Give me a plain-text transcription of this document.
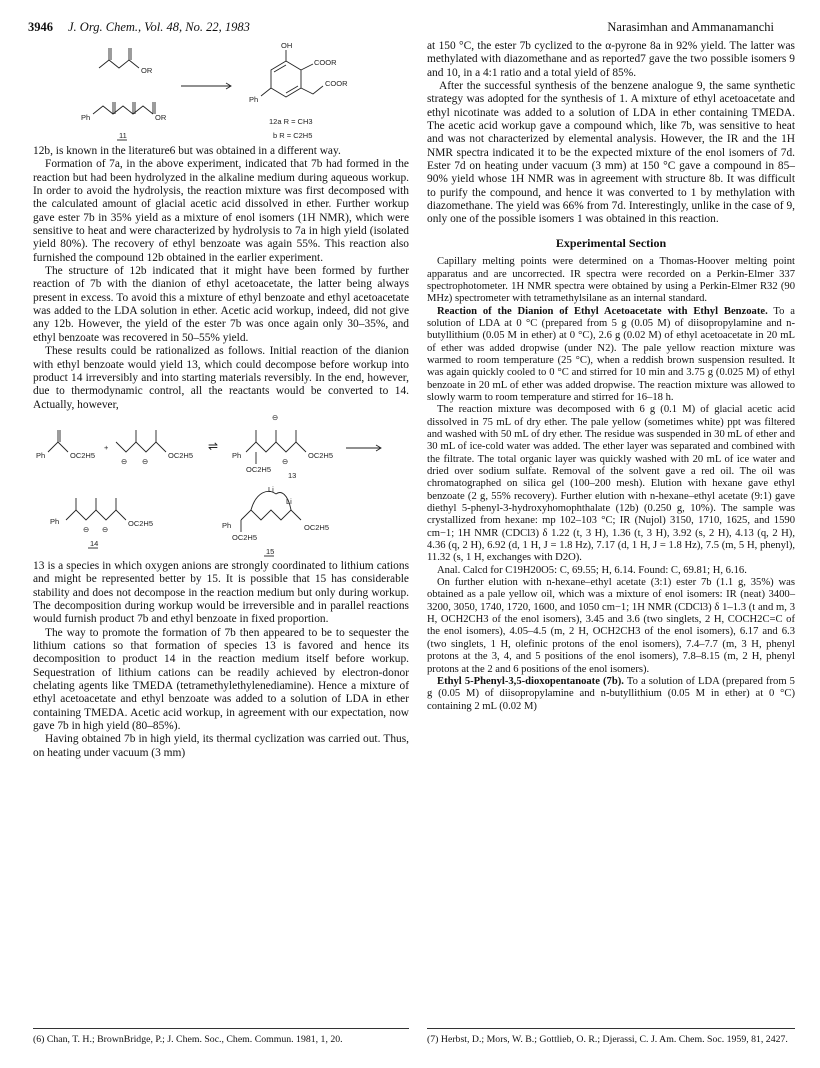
3946 J. Org. Chem., Vol. 48, No. 22, 1983	Narasimhan and Ammanamanchi
OR
OR
Ph
11
OH
COOR
COOR
Ph
12a R = CH3
b R = C2H5

12b, is known in the literature6 but was obtained in a different way.

Formation of 7a, in the above experiment, indicated that 7b had formed in the reaction but had been hydrolyzed in the alkaline medium during aqueous workup. In order to avoid the hydrolysis, the reaction mixture was first decomposed with the calculated amount of glacial acetic acid dissolved in ether. Further workup gave ester 7b in 35% yield as a mixture of enol isomers (1H NMR), which were sensitive to heat and were characterized by hydrolysis to 7a in high yield (isolated yield 80%). The recovery of ethyl benzoate was again 55%. This reaction also furnished the compound 12b obtained in the earlier experiment.

The structure of 12b indicated that it might have been formed by further reaction of 7b with the dianion of ethyl acetoacetate, the latter being always present in excess. To avoid this a mixture of ethyl benzoate and ethyl acetoacetate was added to the LDA solution in ether. Acetic acid workup, indeed, did not give any 12b. However, the yield of the ester 7b was once again only 30–35%, and ethyl benzoate was recovered in 50–55% yield.

These results could be rationalized as follows. Initial reaction of the dianion with ethyl benzoate would yield 13, which could decompose before workup into product 14 irreversibly and into starting materials reversibly. In the end, however, due to thermodynamic control, all the reactants would be converted to 14. Actually, however,

Ph	OC2H5
+
⊖ ⊖
OC2H5
⇌
Ph
⊖
OC2H5
⊖
OC2H5
13
Ph
⊖ ⊖
OC2H5
14
Li
Li
Ph
OC2H5
OC2H5
15

13 is a species in which oxygen anions are strongly coordinated to lithium cations and might be represented better by 15. It is possible that 15 has considerable stability and does not decompose in the reaction medium but only during workup. The decomposition during workup would be irreversible and in parallel reactions would furnish product 7b and ethyl benzoate in fixed proportion.

The way to promote the formation of 7b then appeared to be to sequester the lithium cations so that formation of species 13 is favored and hence its decomposition to product 14 in the reaction medium itself before workup. Sequestration of lithium cations can be readily achieved by electron-donor chelating agents like TMEDA (tetramethylethylenediamine). Hence a mixture of ethyl acetoacetate and ethyl benzoate was added to a solution of LDA in ether containing TMEDA. Acetic acid workup, in agreement with our expectation, now gave 7b in high yield (80–85%).

Having obtained 7b in high yield, its thermal cyclization was carried out. Thus, on heating under vacuum (3 mm)

at 150 °C, the ester 7b cyclized to the α-pyrone 8a in 92% yield. The latter was methylated with diazomethane and as reported7 gave the two possible isomers 9 and 10, in a 4:1 ratio and a total yield of 85%.

After the successful synthesis of the benzene analogue 9, the same synthetic strategy was adopted for the synthesis of 1. A mixture of ethyl acetoacetate and ethyl nicotinate was added to a solution of LDA in ether containing TMEDA. The acetic acid workup gave a compound which, like 7b, was sensitive to heat and was not characterized by elemental analysis. However, the IR and the 1H NMR spectra indicated it to be the expected mixture of the enol isomers of 7d. Ester 7d on heating under vacuum (3 mm) at 150 °C gave a compound in 85–90% yield whose 1H NMR was in agreement with structure 8b. It was difficult to purify the compound, and hence it was converted to 1 by methylation with diazomethane. The yield was 66% from 7d. Interestingly, unlike in the case of 9, only one of the possible isomers 1 was obtained in this reaction.

Experimental Section

Capillary melting points were determined on a Thomas-Hoover melting point apparatus and are uncorrected. IR spectra were recorded on a Perkin-Elmer 337 spectrophotometer. 1H NMR spectra were obtained by using a Perkin-Elmer R32 (90 MHz) spectrometer with tetramethylsilane as an internal standard.

Reaction of the Dianion of Ethyl Acetoacetate with Ethyl Benzoate. To a solution of LDA at 0 °C (prepared from 5 g (0.05 M) of diisopropylamine and n-butyllithium (0.05 M in ether) at 0 °C), 2.6 g (0.02 M) of ethyl acetoacetate in 20 mL of ether was added dropwise (under N2). The pale yellow reaction mixture was warmed to room temperature (25 °C), when a reddish brown suspension resulted. It was again quickly cooled to 0 °C and stirred for 10 min and 3.75 g (0.025 M) of ethyl benzoate in 20 mL of ether was added dropwise. The reaction mixture was allowed to slowly warm to room temperature and stirred for 16–18 h.

The reaction mixture was decomposed with 6 g (0.1 M) of glacial acetic acid dissolved in 75 mL of dry ether. The pale yellow (sometimes white) ppt was filtered and washed with 50 mL of dry ether. The residue was suspended in 30 mL of ether and 30 mL of ice-cold water was added. The ether layer was separated and combined with the filtrate. The total organic layer was quickly washed with 20 mL of ice water and dried over sodium sulfate. Removal of the solvent gave a red oil. The oil was chromatographed on silica gel (100–200 mesh). Elution with hexane gave ethyl benzoate (2 g, 55% recovery). Further elution with n-hexane–ethyl acetate (9:1) gave diethyl 5-phenyl-3-hydroxyhomophthalate (12b) (0.250 g, 10%). The sample was crystallized from hexane: mp 102–103 °C; IR (Nujol) 3150, 1710, 1625, and 1590 cm−1; 1H NMR (CDCl3) δ 1.22 (t, 3 H), 1.36 (t, 3 H), 3.92 (s, 2 H), 4.13 (q, 2 H), 4.36 (q, 2 H), 6.92 (d, 1 H, J = 1.8 Hz), 7.17 (d, 1 H, J = 1.8 Hz), 7.5 (m, 5 H, phenyl), 11.32 (s, 1 H, exchanges with D2O).

Anal. Calcd for C19H20O5: C, 69.55; H, 6.14. Found: C, 69.81; H, 6.16.

On further elution with n-hexane–ethyl acetate (3:1) ester 7b (1.1 g, 35%) was obtained as a pale yellow oil, which was a mixture of enol isomers: IR (neat) 3400–3200, 3050, 1740, 1720, 1600, and 1050 cm−1; 1H NMR (CDCl3) δ 1–1.3 (t and m, 3 H, OCH2CH3 of the enol isomers), 3.45 and 3.6 (two singlets, 2 H, COCH2C=C of the enol isomers), 4.05–4.5 (m, 2 H, OCH2CH3 of the enol isomers), 6.17 and 6.3 (two singlets, 1 H, olefinic protons of the enol isomers), 7.4–7.7 (m, 3 H, phenyl protons at the 3, 4, and 5 positions of the enol isomers), 7.8–8.15 (m, 2 H, phenyl protons at the 2 and 6 positions of the enol isomers).

Ethyl 5-Phenyl-3,5-dioxopentanoate (7b). To a solution of LDA (prepared from 5 g (0.05 M) of diisopropylamine and n-butyllithium (0.05 M in ether) at 0 °C) containing 2 mL (0.02 M)

(6) Chan, T. H.; BrownBridge, P.; J. Chem. Soc., Chem. Commun. 1981, 1, 20.	(7) Herbst, D.; Mors, W. B.; Gottlieb, O. R.; Djerassi, C. J. Am. Chem. Soc. 1959, 81, 2427.
